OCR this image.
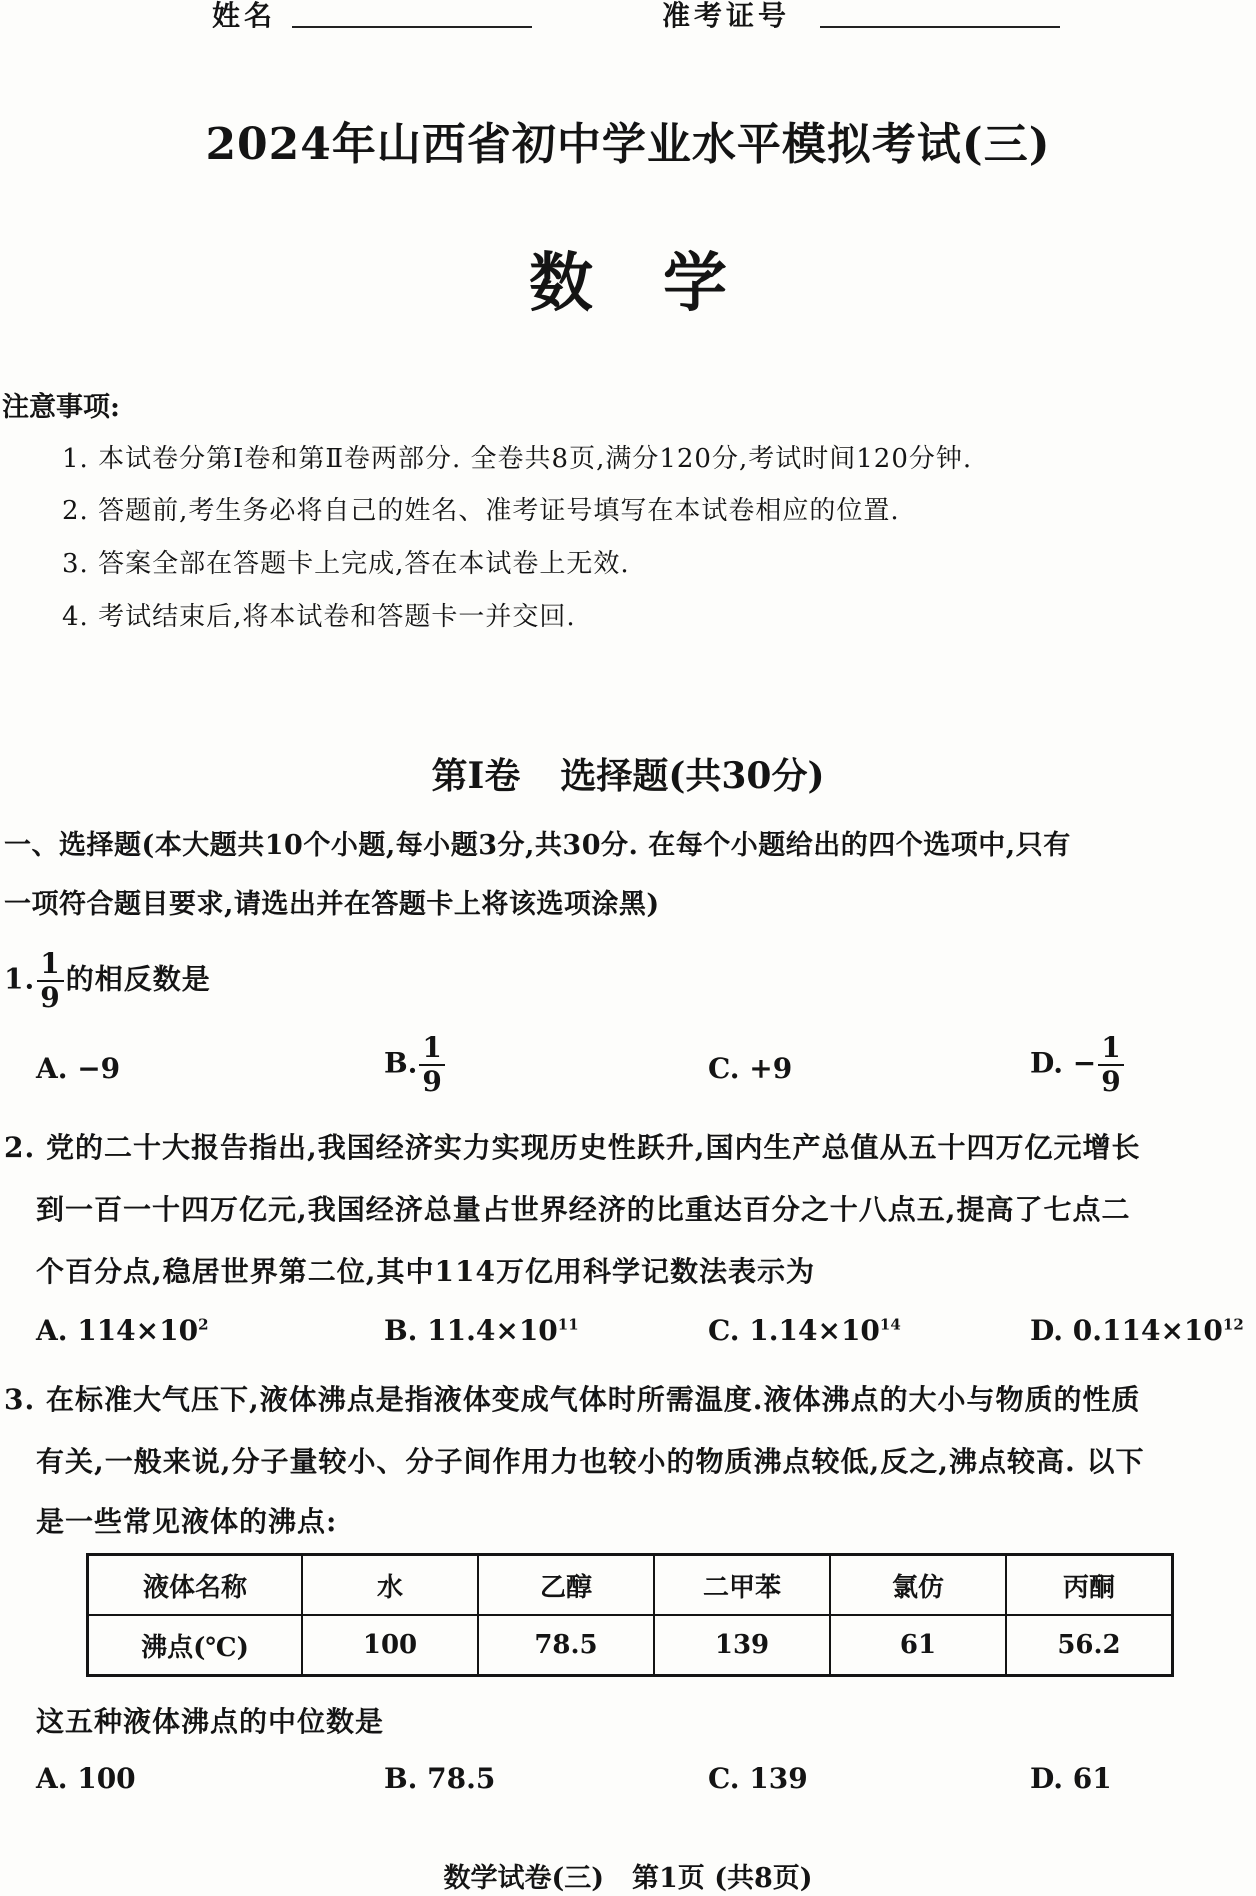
姓名	准考证号
2024年山西省初中学业水平模拟考试(三)
数学
注意事项:
1. 本试卷分第Ⅰ卷和第Ⅱ卷两部分. 全卷共8页,满分120分,考试时间120分钟.
2. 答题前,考生务必将自己的姓名、准考证号填写在本试卷相应的位置.
3. 答案全部在答题卡上完成,答在本试卷上无效.
4. 考试结束后,将本试卷和答题卡一并交回.
第Ⅰ卷 选择题(共30分)
一、选择题(本大题共10个小题,每小题3分,共30分. 在每个小题给出的四个选项中,只有
一项符合题目要求,请选出并在答题卡上将该选项涂黑)
1. $\frac{1}{9}$ 的相反数是
A. −9	B. $\frac{1}{9}$	C. +9	D. − $\frac{1}{9}$
2. 党的二十大报告指出,我国经济实力实现历史性跃升,国内生产总值从五十四万亿元增长
到一百一十四万亿元,我国经济总量占世界经济的比重达百分之十八点五,提高了七点二
个百分点,稳居世界第二位,其中114万亿用科学记数法表示为
A. $114\times 10^2$	B. $11.4\times 10^{11}$	C. $1.14\times 10^{14}$	D. $0.114\times 10^{12}$
3. 在标准大气压下,液体沸点是指液体变成气体时所需温度.液体沸点的大小与物质的性质
有关,一般来说,分子量较小、分子间作用力也较小的物质沸点较低,反之,沸点较高. 以下
是一些常见液体的沸点:
液体名称	水	乙醇	二甲苯	氯仿	丙酮
沸点(℃)	100	78.5	139	61	56.2
这五种液体沸点的中位数是
A. 100	B. 78.5	C. 139	D. 61
数学试卷(三) 第1页 (共8页)
